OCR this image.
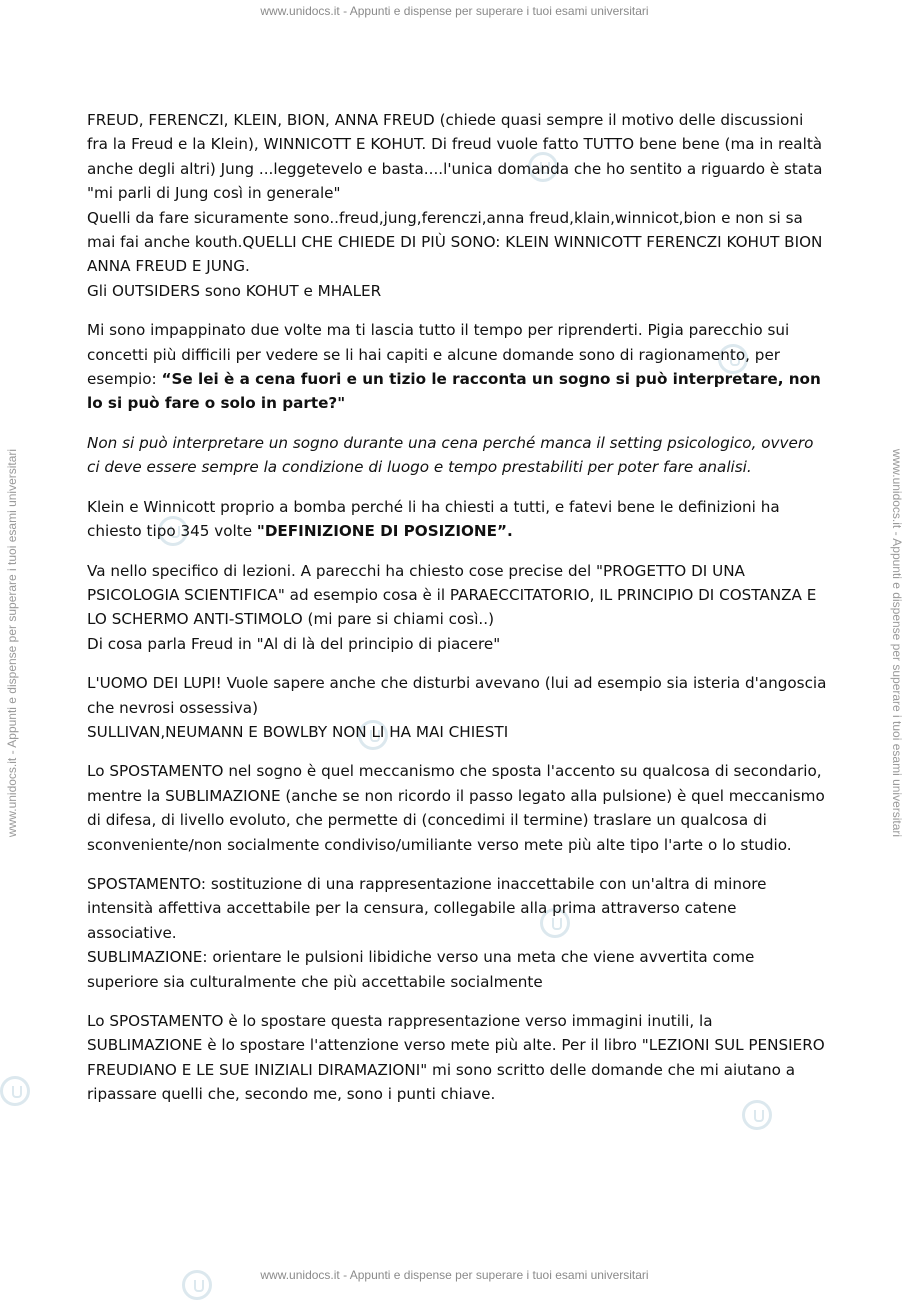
www.unidocs.it - Appunti e dispense per superare i tuoi esami universitari
www.unidocs.it - Appunti e dispense per superare i tuoi esami universitari
www.unidocs.it - Appunti e dispense per superare i tuoi esami universitari	www.unidocs.it - Appunti e dispense per superare i tuoi esami universitari

FREUD, FERENCZI, KLEIN, BION, ANNA FREUD (chiede quasi sempre il motivo delle discussioni fra la Freud e la Klein), WINNICOTT E KOHUT. Di freud vuole fatto TUTTO bene bene (ma in realtà anche degli altri) Jung ...leggetevelo e basta....l'unica domanda che ho sentito a riguardo è stata "mi parli di Jung così in generale"
Quelli da fare sicuramente sono..freud,jung,ferenczi,anna freud,klain,winnicot,bion e non si sa mai fai anche kouth.QUELLI CHE CHIEDE DI PIÙ SONO: KLEIN WINNICOTT FERENCZI KOHUT BION ANNA FREUD E JUNG.
Gli OUTSIDERS sono KOHUT e MHALER

Mi sono impappinato due volte ma ti lascia tutto il tempo per riprenderti. Pigia parecchio sui concetti più difficili per vedere se li hai capiti e alcune domande sono di ragionamento, per esempio: “Se lei è a cena fuori e un tizio le racconta un sogno si può interpretare, non lo si può fare o solo in parte?"

Non si può interpretare un sogno durante una cena perché manca il setting psicologico, ovvero ci deve essere sempre la condizione di luogo e tempo prestabiliti per poter fare analisi.

Klein e Winnicott proprio a bomba perché li ha chiesti a tutti, e fatevi bene le definizioni ha chiesto tipo 345 volte "DEFINIZIONE DI POSIZIONE”.

Va nello specifico di lezioni. A parecchi ha chiesto cose precise del "PROGETTO DI UNA PSICOLOGIA SCIENTIFICA" ad esempio cosa è il PARAECCITATORIO, IL PRINCIPIO DI COSTANZA E LO SCHERMO ANTI-STIMOLO (mi pare si chiami così..)
Di cosa parla Freud in "Al di là del principio di piacere"

L'UOMO DEI LUPI! Vuole sapere anche che disturbi avevano (lui ad esempio sia isteria d'angoscia che nevrosi ossessiva)
SULLIVAN,NEUMANN E BOWLBY NON LI HA MAI CHIESTI

Lo SPOSTAMENTO nel sogno è quel meccanismo che sposta l'accento su qualcosa di secondario, mentre la SUBLIMAZIONE (anche se non ricordo il passo legato alla pulsione) è quel meccanismo di difesa, di livello evoluto, che permette di (concedimi il termine) traslare un qualcosa di sconveniente/non socialmente condiviso/umiliante verso mete più alte tipo l'arte o lo studio.

SPOSTAMENTO: sostituzione di una rappresentazione inaccettabile con un'altra di minore intensità affettiva accettabile per la censura, collegabile alla prima attraverso catene associative.
SUBLIMAZIONE: orientare le pulsioni libidiche verso una meta che viene avvertita come superiore sia culturalmente che più accettabile socialmente

Lo SPOSTAMENTO è lo spostare questa rappresentazione verso immagini inutili, la SUBLIMAZIONE è lo spostare l'attenzione verso mete più alte. Per il libro "LEZIONI SUL PENSIERO FREUDIANO E LE SUE INIZIALI DIRAMAZIONI" mi sono scritto delle domande che mi aiutano a ripassare quelli che, secondo me, sono i punti chiave.
